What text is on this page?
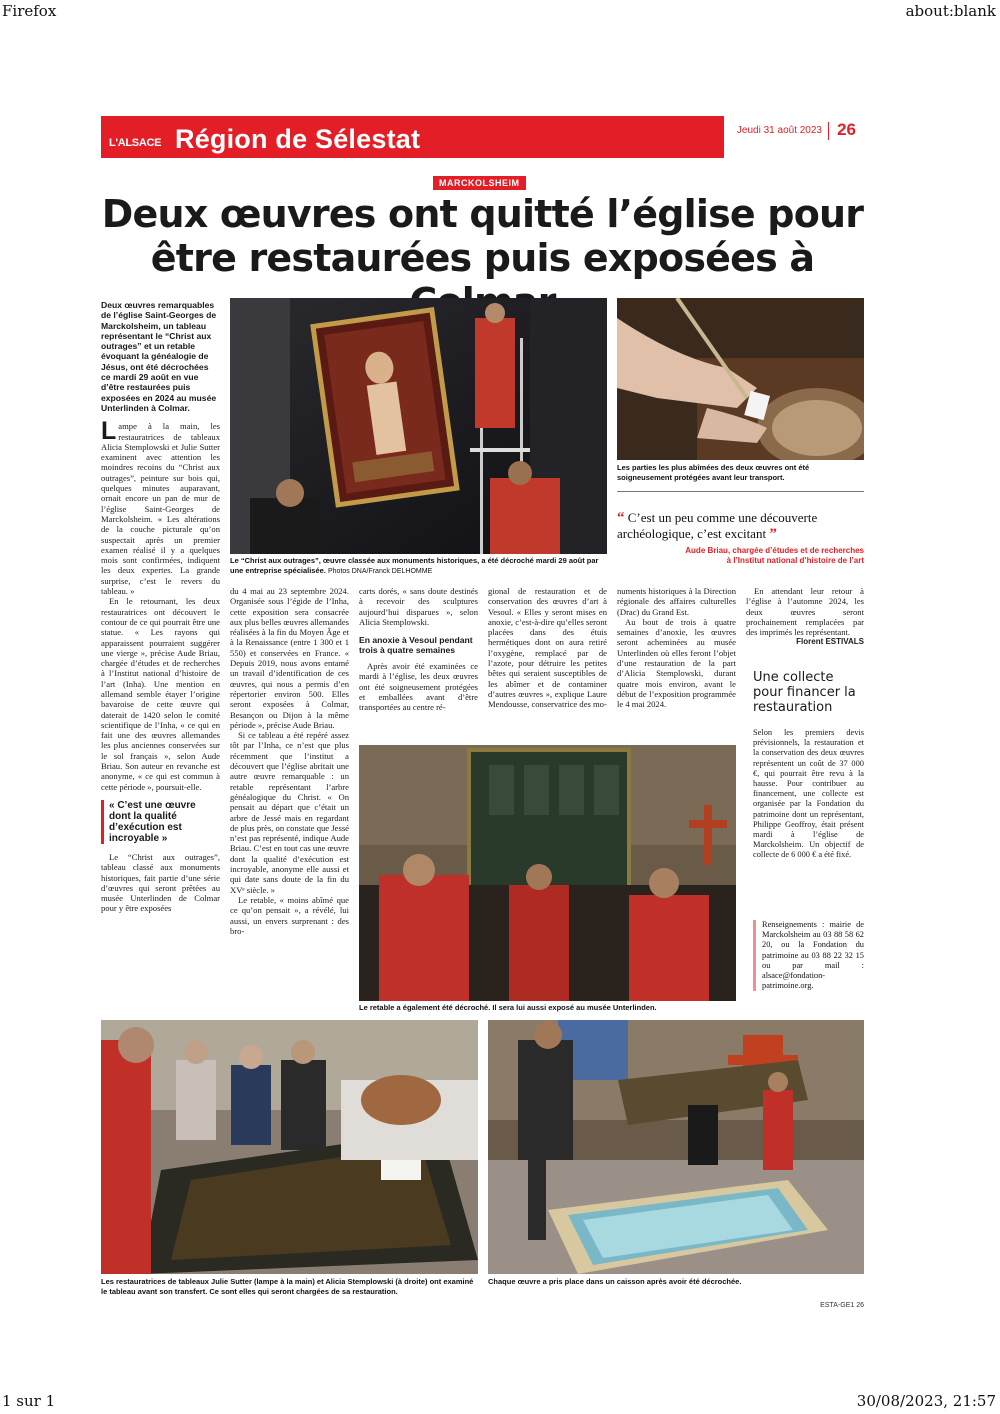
Firefox	about:blank
L'ALSACE Région de Sélestat	Jeudi 31 août 2023 26
MARCKOLSHEIM
Deux œuvres ont quitté l’église pour
être restaurées puis exposées à
Le “Christ aux outrages”, œuvre classée aux monuments historiques, a été décroché mardi 29 août par une entreprise spécialisée. Photos DNA/Franck DELHOMME
Les parties les plus abîmées des deux œuvres ont été soigneusement protégées avant leur transport.
“ C’est un peu comme une découverte archéologique, c’est excitant ”
Aude Briau, chargée d’études et de recherches
à l’Institut national d’histoire de l’art
Deux œuvres remarquables de l’église Saint-Georges de Marckolsheim, un tableau représentant le “Christ aux outrages” et un retable évoquant la généalogie de Jésus, ont été décrochées ce mardi 29 août en vue d’être restaurées puis exposées en 2024 au musée Unterlinden à Colmar.

Lampe à la main, les restauratrices de tableaux Alicia Stemplowski et Julie Sutter examinent avec attention les moindres recoins du “Christ aux outrages”, peinture sur bois qui, quelques minutes auparavant, ornait encore un pan de mur de l’église Saint-Georges de Marckolsheim. « Les altérations de la couche picturale qu’on suspectait après un premier examen réalisé il y a quelques mois sont confirmées, indiquent les deux expertes. La grande surprise, c’est le revers du tableau. »

En le retournant, les deux restauratrices ont découvert le contour de ce qui pourrait être une statue. « Les rayons qui apparaissent pourraient suggérer une vierge », précise Aude Briau, chargée d’études et de recherches à l’Institut national d’histoire de l’art (Inha). Une mention en allemand semble étayer l’origine bavaroise de cette œuvre qui daterait de 1420 selon le comité scientifique de l’Inha, « ce qui en fait une des œuvres allemandes les plus anciennes conservées sur le sol français », selon Aude Briau. Son auteur en revanche est anonyme, « ce qui est commun à cette période », poursuit-elle.

« C’est une œuvre dont la qualité d’exécution est incroyable »

Le “Christ aux outrages”, tableau classé aux monuments historiques, fait partie d’une série d’œuvres qui seront prêtées au musée Unterlinden de Colmar pour y être exposées

du 4 mai au 23 septembre 2024. Organisée sous l’égide de l’Inha, cette exposition sera consacrée aux plus belles œuvres allemandes réalisées à la fin du Moyen Âge et à la Renaissance (entre 1 300 et 1 550) et conservées en France. « Depuis 2019, nous avons entamé un travail d’identification de ces œuvres, qui nous a permis d’en répertorier environ 500. Elles seront exposées à Colmar, Besançon ou Dijon à la même période », précise Aude Briau.

Si ce tableau a été repéré assez tôt par l’Inha, ce n’est que plus récemment que l’institut a découvert que l’église abritait une autre œuvre remarquable : un retable représentant l’arbre généalogique du Christ. « On pensait au départ que c’était un arbre de Jessé mais en regardant de plus près, on constate que Jessé n’est pas représenté, indique Aude Briau. C’est en tout cas une œuvre dont la qualité d’exécution est incroyable, anonyme elle aussi et qui date sans doute de la fin du XVᵉ siècle. »

Le retable, « moins abîmé que ce qu’on pensait », a révélé, lui aussi, un envers surprenant : des bro-

carts dorés, « sans doute destinés à recevoir des sculptures aujourd’hui disparues », selon Alicia Stemplowski.

En anoxie à Vesoul pendant trois à quatre semaines

Après avoir été examinées ce mardi à l’église, les deux œuvres ont été soigneusement protégées et emballées avant d’être transportées au centre ré-

gional de restauration et de conservation des œuvres d’art à Vesoul. « Elles y seront mises en anoxie, c’est-à-dire qu’elles seront placées dans des étuis hermétiques dont on aura retiré l’oxygène, remplacé par de l’azote, pour détruire les petites bêtes qui seraient susceptibles de les abîmer et de contaminer d’autres œuvres », explique Laure Mendousse, conservatrice des mo-

numents historiques à la Direction régionale des affaires culturelles (Drac) du Grand Est.

Au bout de trois à quatre semaines d’anoxie, les œuvres seront acheminées au musée Unterlinden où elles feront l’objet d’une restauration de la part d’Alicia Stemplowski, durant quatre mois environ, avant le début de l’exposition programmée le 4 mai 2024.

En attendant leur retour à l’église à l’automne 2024, les deux œuvres seront prochainement remplacées par des imprimés les représentant.

Florent ESTIVALS
Le retable a également été décroché. Il sera lui aussi exposé au musée Unterlinden.
Une collecte pour financer la restauration
Selon les premiers devis prévisionnels, la restauration et la conservation des deux œuvres représentent un coût de 37 000 €, qui pourrait être revu à la hausse. Pour contribuer au financement, une collecte est organisée par la Fondation du patrimoine dont un représentant, Philippe Geoffroy, était présent mardi à l’église de Marckolsheim. Un objectif de collecte de 6 000 € a été fixé.
Renseignements : mairie de Marckolsheim au 03 88 58 62 20, ou la Fondation du patrimoine au 03 88 22 32 15 ou par mail : alsace@fondation-patrimoine.org.
Les restauratrices de tableaux Julie Sutter (lampe à la main) et Alicia Stemplowski (à droite) ont examiné le tableau avant son transfert. Ce sont elles qui seront chargées de sa restauration.
Chaque œuvre a pris place dans un caisson après avoir été décrochée.
ESTA-GE1 26
1 sur 1	30/08/2023, 21:57
